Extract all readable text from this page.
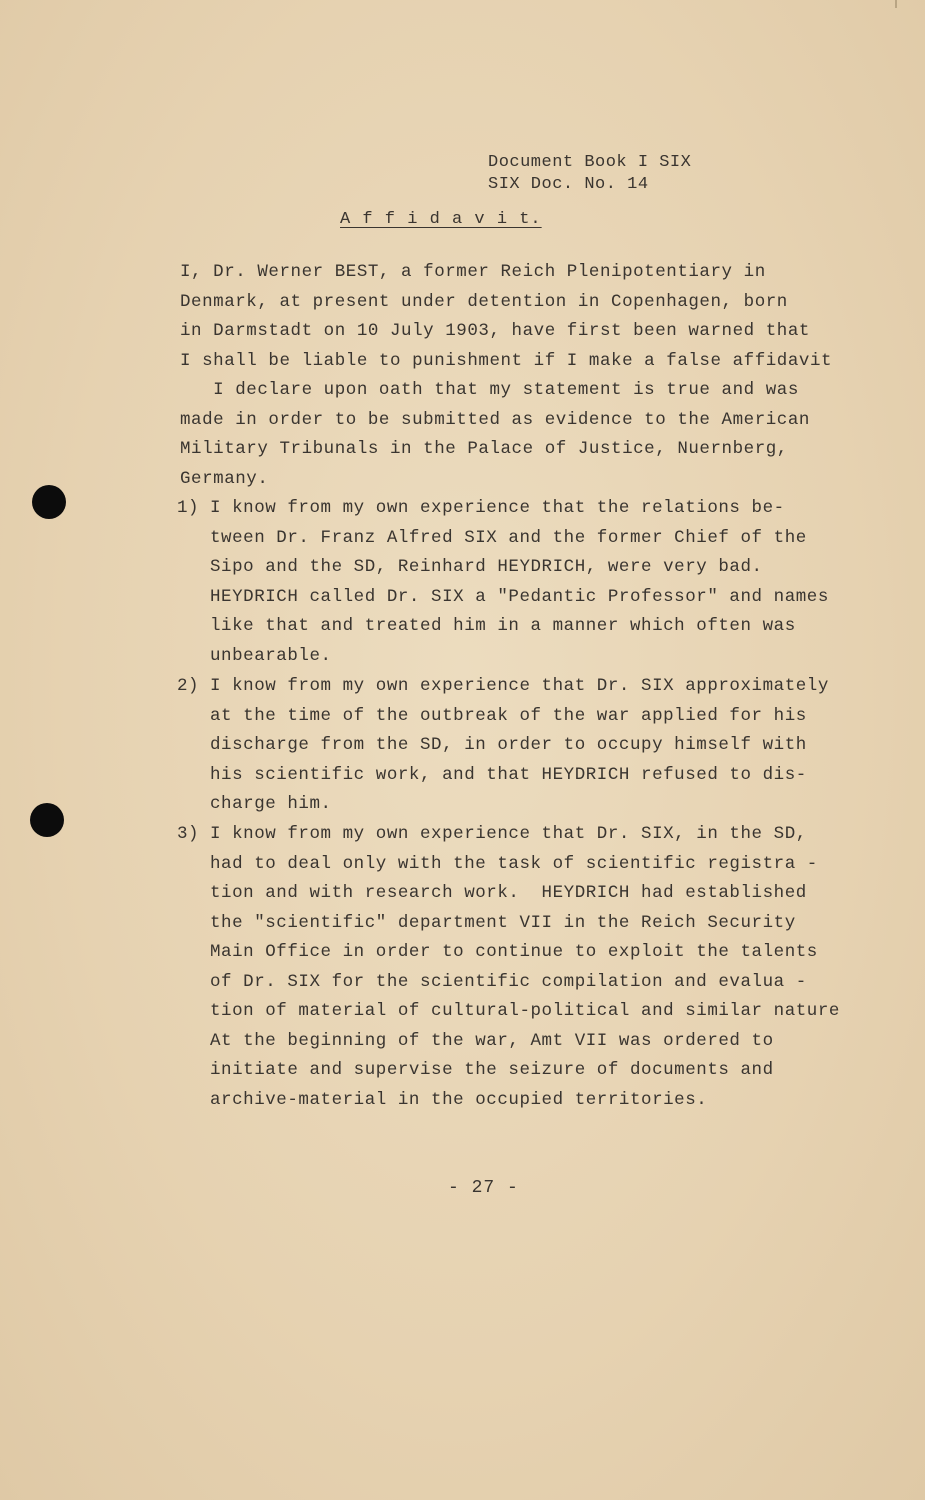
Document Book I SIX
SIX Doc. No. 14
A f f i d a v i t.
I, Dr. Werner BEST, a former Reich Plenipotentiary in
Denmark, at present under detention in Copenhagen, born
in Darmstadt on 10 July 1903, have first been warned that
I shall be liable to punishment if I make a false affidavit
I declare upon oath that my statement is true and was
made in order to be submitted as evidence to the American
Military Tribunals in the Palace of Justice, Nuernberg,
Germany.

1)

I know from my own experience that the relations be-
tween Dr. Franz Alfred SIX and the former Chief of the
Sipo and the SD, Reinhard HEYDRICH, were very bad.
HEYDRICH called Dr. SIX a "Pedantic Professor" and names
like that and treated him in a manner which often was
unbearable.

2)

I know from my own experience that Dr. SIX approximately
at the time of the outbreak of the war applied for his
discharge from the SD, in order to occupy himself with
his scientific work, and that HEYDRICH refused to dis-
charge him.

3)

I know from my own experience that Dr. SIX, in the SD,
had to deal only with the task of scientific registra -
tion and with research work.  HEYDRICH had established
the "scientific" department VII in the Reich Security
Main Office in order to continue to exploit the talents
of Dr. SIX for the scientific compilation and evalua -
tion of material of cultural-political and similar nature
At the beginning of the war, Amt VII was ordered to
initiate and supervise the seizure of documents and
archive-material in the occupied territories.

- 27 -
